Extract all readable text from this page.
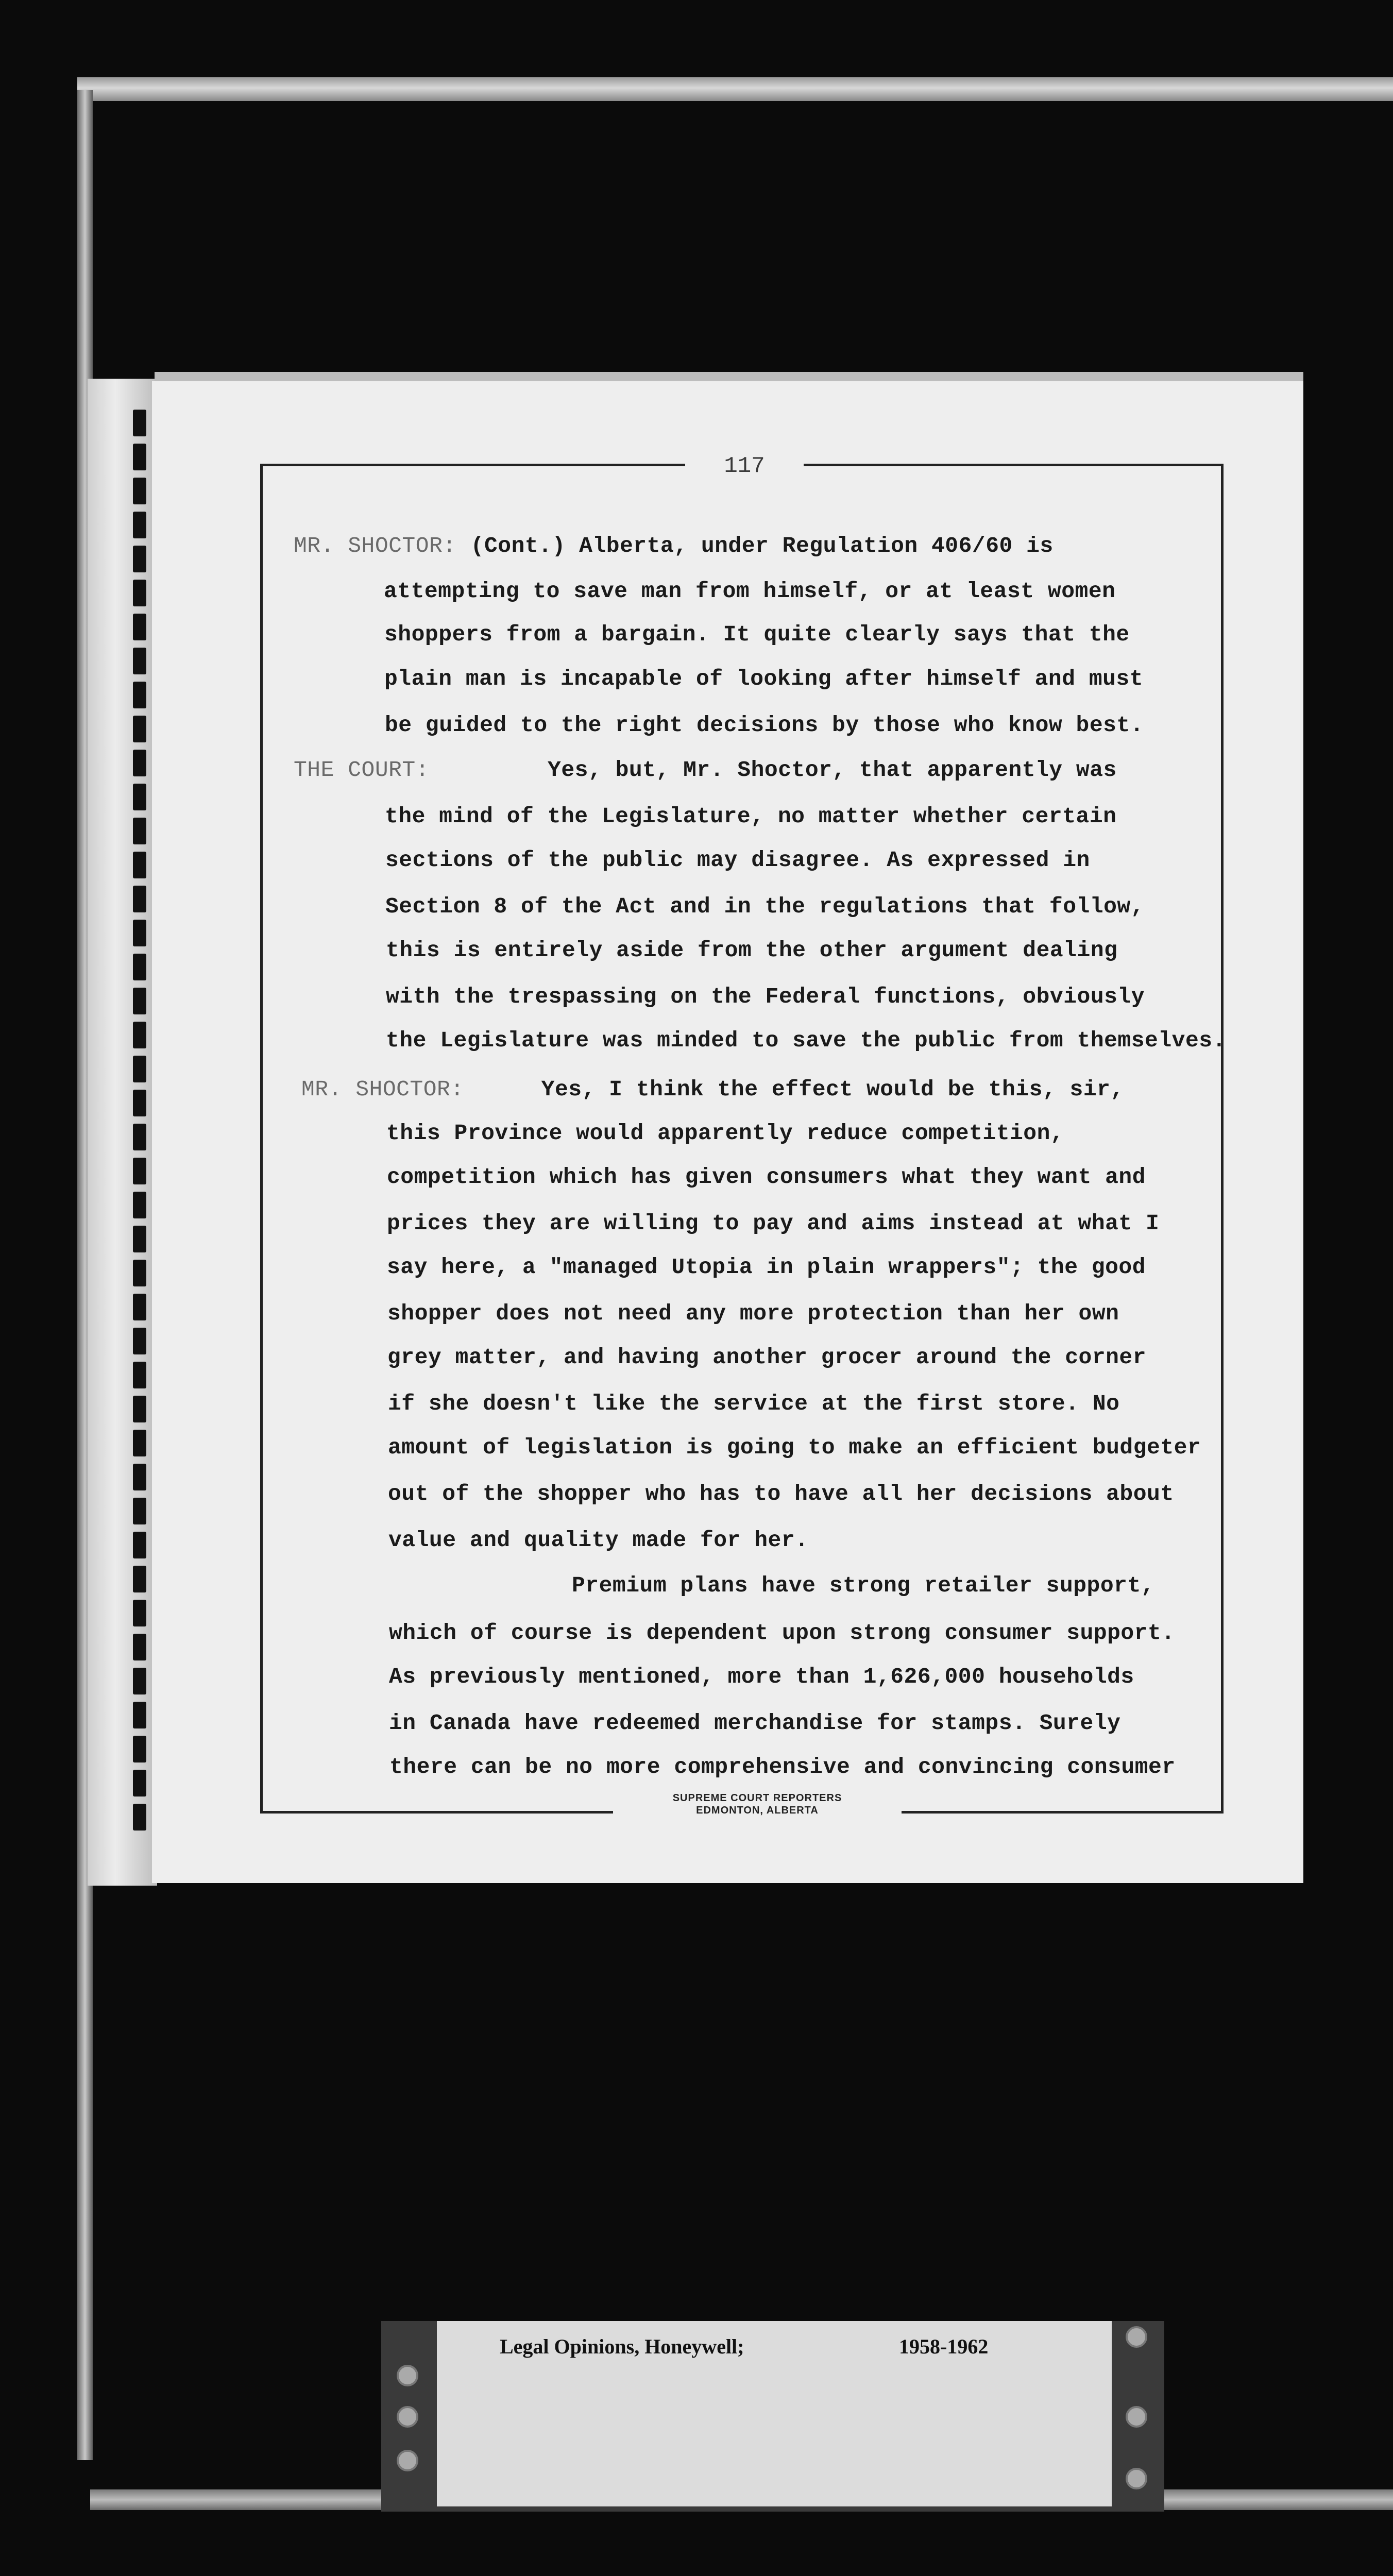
117
MR. SHOCTOR: (Cont.) Alberta, under Regulation 406/60 is
attempting to save man from himself, or at least women
shoppers from a bargain. It quite clearly says that the
plain man is incapable of looking after himself and must
be guided to the right decisions by those who know best.
THE COURT:	Yes, but, Mr. Shoctor, that apparently was
the mind of the Legislature, no matter whether certain
sections of the public may disagree. As expressed in
Section 8 of the Act and in the regulations that follow,
this is entirely aside from the other argument dealing
with the trespassing on the Federal functions, obviously
the Legislature was minded to save the public from themselves.
MR. SHOCTOR:	Yes, I think the effect would be this, sir,
this Province would apparently reduce competition,
competition which has given consumers what they want and
prices they are willing to pay and aims instead at what I
say here, a "managed Utopia in plain wrappers"; the good
shopper does not need any more protection than her own
grey matter, and having another grocer around the corner
if she doesn't like the service at the first store. No
amount of legislation is going to make an efficient budgeter
out of the shopper who has to have all her decisions about
value and quality made for her.
Premium plans have strong retailer support,
which of course is dependent upon strong consumer support.
As previously mentioned, more than 1,626,000 households
in Canada have redeemed merchandise for stamps. Surely
there can be no more comprehensive and convincing consumer
SUPREME COURT REPORTERS
EDMONTON, ALBERTA
Legal Opinions, Honeywell;	1958-1962
